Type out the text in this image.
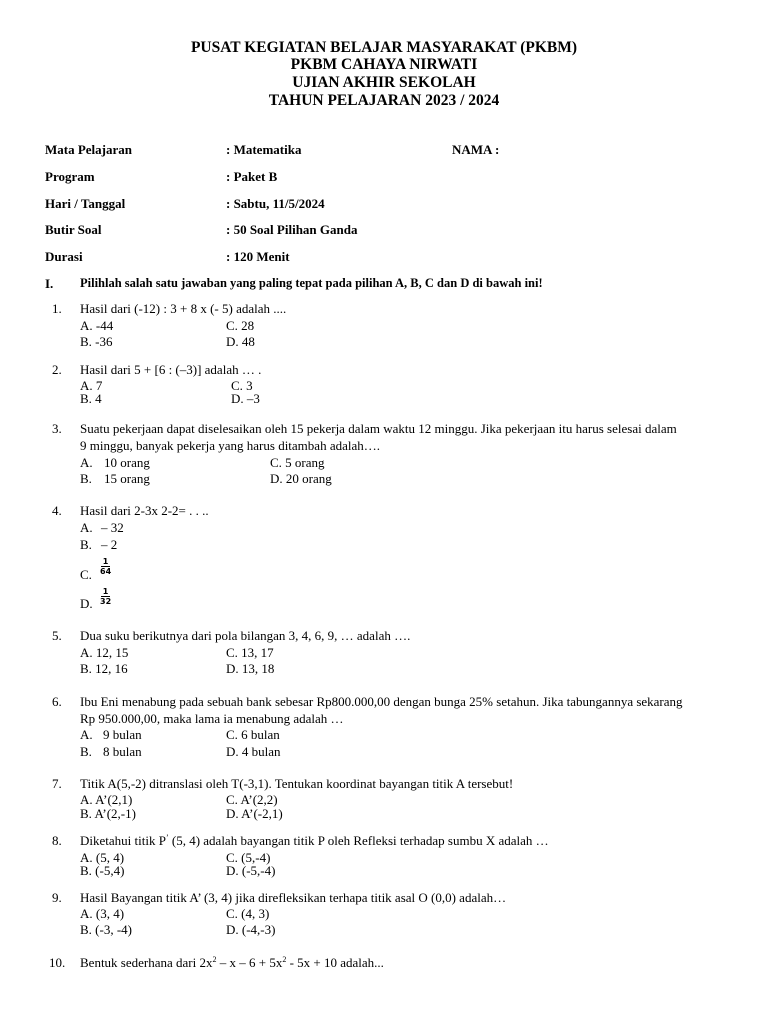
PUSAT KEGIATAN BELAJAR MASYARAKAT (PKBM)
PKBM CAHAYA NIRWATI
UJIAN AKHIR SEKOLAH
TAHUN PELAJARAN 2023 / 2024
Mata Pelajaran	: Matematika	NAMA :
Program	: Paket B
Hari / Tanggal	: Sabtu, 11/5/2024
Butir Soal	: 50 Soal Pilihan Ganda
Durasi	: 120 Menit
I. Pilihlah salah satu jawaban yang paling tepat pada pilihan A, B, C dan D di bawah ini!
1. Hasil dari (-12) : 3 + 8 x (- 5) adalah ....
A. -44	C. 28
B. -36	D. 48
2. Hasil dari 5 + [6 : (–3)] adalah … .
A. 7	C. 3
B. 4	D. –3
3. Suatu pekerjaan dapat diselesaikan oleh 15 pekerja dalam waktu 12 minggu. Jika pekerjaan itu harus selesai dalam
9 minggu, banyak pekerja yang harus ditambah adalah….
A. 10 orang	C. 5 orang
B. 15 orang	D. 20 orang
4. Hasil dari 2-3x 2-2= . . ..
A. – 32
B. – 2
C. $\frac{1}{64}$
D. $\frac{1}{32}$
5. Dua suku berikutnya dari pola bilangan 3, 4, 6, 9, … adalah ….
A. 12, 15	C. 13, 17
B. 12, 16	D. 13, 18
6. Ibu Eni menabung pada sebuah bank sebesar Rp800.000,00 dengan bunga 25% setahun. Jika tabungannya sekarang
Rp 950.000,00, maka lama ia menabung adalah …
A. 9 bulan	C. 6 bulan
B. 8 bulan	D. 4 bulan
7. Titik A(5,-2) ditranslasi oleh T(-3,1). Tentukan koordinat bayangan titik A tersebut!
A. A’(2,1)	C. A’(2,2)
B. A’(2,-1)	D. A’(-2,1)
8. Diketahui titik P’ (5, 4) adalah bayangan titik P oleh Refleksi terhadap sumbu X adalah …
A. (5, 4)	C. (5,-4)
B. (-5,4)	D. (-5,-4)
9. Hasil Bayangan titik A’ (3, 4) jika direfleksikan terhapa titik asal O (0,0) adalah…
A. (3, 4)	C. (4, 3)
B. (-3, -4)	D. (-4,-3)
10. Bentuk sederhana dari $2x^2 - x - 6 + 5x^2 - 5x + 10$ adalah...
